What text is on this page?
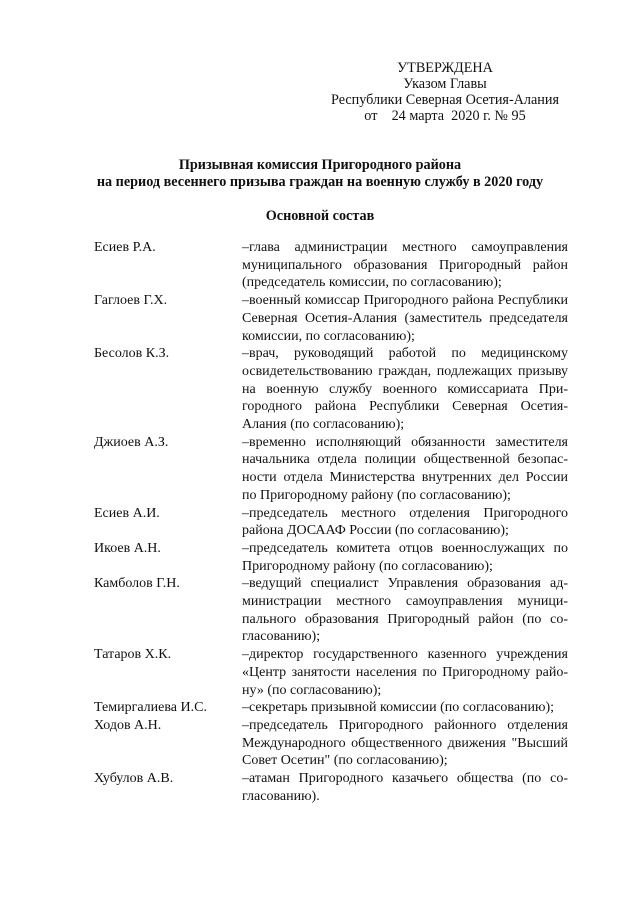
УТВЕРЖДЕНА
Указом Главы
Республики Северная Осетия-Алания
от    24 марта  2020 г. № 95
Призывная комиссия Пригородного района
на период весеннего призыва граждан на военную службу в 2020 году
Основной состав
Есиев Р.А.	–глава администрации местного самоуправления муниципального образования Пригородный район (председатель комиссии, по согласованию);
Гаглоев Г.Х.	–военный комиссар Пригородного района Республики Северная Осетия-Алания (заместитель председателя комиссии, по согласованию);
Бесолов К.З.	–врач, руководящий работой по медицинскому освидетельствованию граждан, подлежащих призыву на военную службу военного комиссариата Пригородного района Республики Северная Осетия-Алания (по согласованию);
Джиоев А.З.	–временно исполняющий обязанности заместителя начальника отдела полиции общественной безопасности отдела Министерства внутренних дел России по Пригородному району (по согласованию);
Есиев А.И.	–председатель местного отделения Пригородного района ДОСААФ России (по согласованию);
Икоев А.Н.	–председатель комитета отцов военнослужащих по Пригородному району (по согласованию);
Камболов Г.Н.	–ведущий специалист Управления образования администрации местного самоуправления муниципального образования Пригородный район (по согласованию);
Татаров Х.К.	–директор государственного казенного учреждения «Центр занятости населения по Пригородному району» (по согласованию);
Темиргалиева И.С.	–секретарь призывной комиссии (по согласованию);
Ходов А.Н.	–председатель Пригородного районного отделения Международного общественного движения "Высший Совет Осетин" (по согласованию);
Хубулов А.В.	–атаман Пригородного казачьего общества (по согласованию).
